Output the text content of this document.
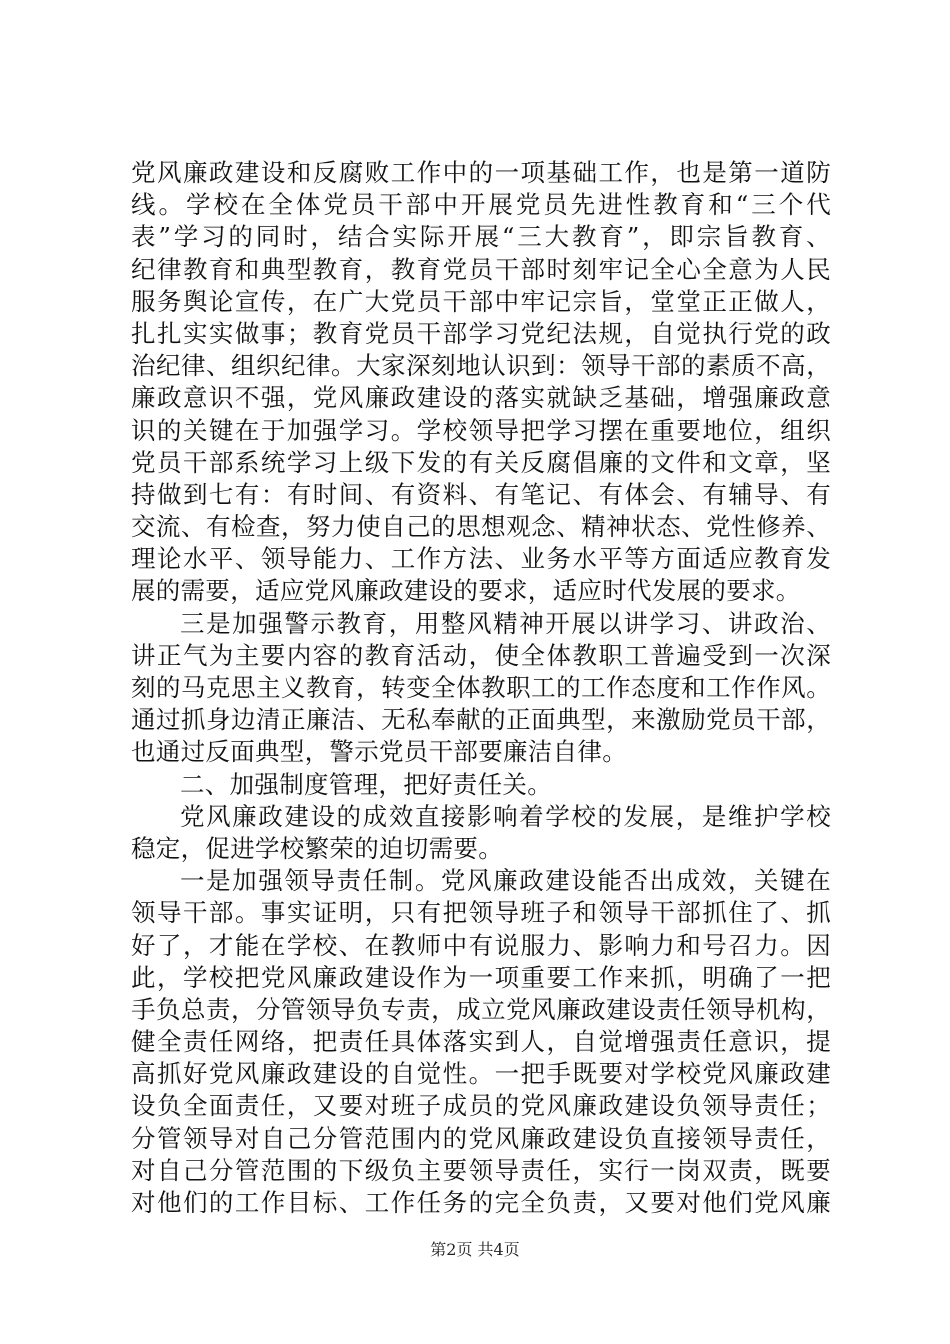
党风廉政建设和反腐败工作中的一项基础工作，也是第一道防
线。学校在全体党员干部中开展党员先进性教育和“三个代
表”学习的同时，结合实际开展“三大教育”，即宗旨教育、
纪律教育和典型教育，教育党员干部时刻牢记全心全意为人民
服务舆论宣传，在广大党员干部中牢记宗旨，堂堂正正做人，
扎扎实实做事；教育党员干部学习党纪法规，自觉执行党的政
治纪律、组织纪律。大家深刻地认识到：领导干部的素质不高，
廉政意识不强，党风廉政建设的落实就缺乏基础，增强廉政意
识的关键在于加强学习。学校领导把学习摆在重要地位，组织
党员干部系统学习上级下发的有关反腐倡廉的文件和文章，坚
持做到七有：有时间、有资料、有笔记、有体会、有辅导、有
交流、有检查，努力使自己的思想观念、精神状态、党性修养、
理论水平、领导能力、工作方法、业务水平等方面适应教育发
展的需要，适应党风廉政建设的要求，适应时代发展的要求。
三是加强警示教育，用整风精神开展以讲学习、讲政治、
讲正气为主要内容的教育活动，使全体教职工普遍受到一次深
刻的马克思主义教育，转变全体教职工的工作态度和工作作风。
通过抓身边清正廉洁、无私奉献的正面典型，来激励党员干部，
也通过反面典型，警示党员干部要廉洁自律。
二、加强制度管理，把好责任关。
党风廉政建设的成效直接影响着学校的发展，是维护学校
稳定，促进学校繁荣的迫切需要。
一是加强领导责任制。党风廉政建设能否出成效，关键在
领导干部。事实证明，只有把领导班子和领导干部抓住了、抓
好了，才能在学校、在教师中有说服力、影响力和号召力。因
此，学校把党风廉政建设作为一项重要工作来抓，明确了一把
手负总责，分管领导负专责，成立党风廉政建设责任领导机构，
健全责任网络，把责任具体落实到人，自觉增强责任意识，提
高抓好党风廉政建设的自觉性。一把手既要对学校党风廉政建
设负全面责任，又要对班子成员的党风廉政建设负领导责任；
分管领导对自己分管范围内的党风廉政建设负直接领导责任，
对自己分管范围的下级负主要领导责任，实行一岗双责，既要
对他们的工作目标、工作任务的完全负责，又要对他们党风廉
第2页 共4页
